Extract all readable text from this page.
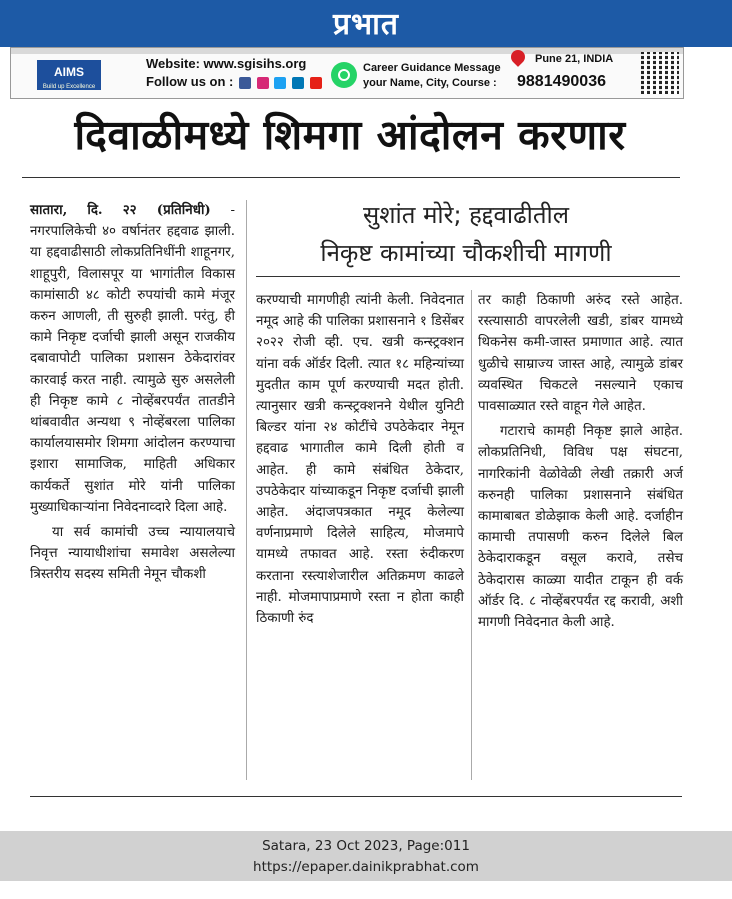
प्रभात
AIMS
Build up Excellence
Website: www.sgisihs.org
Follow us on :
Career Guidance Message
your Name, City, Course :
Pune 21, INDIA
9881490036
दिवाळीमध्ये शिमगा आंदोलन करणार
सुशांत मोरे; हद्दवाढीतील
निकृष्ट कामांच्या चौकशीची मागणी

सातारा, दि. २२ (प्रतिनिधी) - नगरपालिकेची ४० वर्षानंतर हद्दवाढ झाली. या हद्दवाढीसाठी लोकप्रतिनिधींनी शाहूनगर, शाहूपुरी, विलासपूर या भागांतील विकास कामांसाठी ४८ कोटी रुपयांची कामे मंजूर करुन आणली, ती सुरुही झाली. परंतु, ही कामे निकृष्ट दर्जाची झाली असून राजकीय दबावापोटी पालिका प्रशासन ठेकेदारांवर कारवाई करत नाही. त्यामुळे सुरु असलेली ही निकृष्ट कामे ८ नोव्हेंबरपर्यंत तातडीने थांबवावीत अन्यथा ९ नोव्हेंबरला पालिका कार्यालयासमोर शिमगा आंदोलन करण्याचा इशारा सामाजिक, माहिती अधिकार कार्यकर्ते सुशांत मोरे यांनी पालिका मुख्याधिकाऱ्यांना निवेदनाव्दारे दिला आहे.

या सर्व कामांची उच्च न्यायालयाचे निवृत्त न्यायाधीशांचा समावेश असलेल्या त्रिस्तरीय सदस्य समिती नेमून चौकशी

करण्याची मागणीही त्यांनी केली. निवेदनात नमूद आहे की पालिका प्रशासनाने १ डिसेंबर २०२२ रोजी व्ही. एच. खत्री कन्स्ट्रक्शन यांना वर्क ऑर्डर दिली. त्यात १८ महिन्यांच्या मुदतीत काम पूर्ण करण्याची मदत होती. त्यानुसार खत्री कन्स्ट्रक्शनने येथील युनिटी बिल्डर यांना २४ कोटींचे उपठेकेदार नेमून हद्दवाढ भागातील कामे दिली होती व आहेत. ही कामे संबंधित ठेकेदार, उपठेकेदार यांच्याकडून निकृष्ट दर्जाची झाली आहेत. अंदाजपत्रकात नमूद केलेल्या वर्णनाप्रमाणे दिलेले साहित्य, मोजमापे यामध्ये तफावत आहे. रस्ता रुंदीकरण करताना रस्त्याशेजारील अतिक्रमण काढले नाही. मोजमापाप्रमाणे रस्ता न होता काही ठिकाणी रुंद

तर काही ठिकाणी अरुंद रस्ते आहेत. रस्त्यासाठी वापरलेली खडी, डांबर यामध्ये थिकनेस कमी-जास्त प्रमाणात आहे. त्यात धुळीचे साम्राज्य जास्त आहे, त्यामुळे डांबर व्यवस्थित चिकटले नसल्याने एकाच पावसाळ्यात रस्ते वाहून गेले आहेत.

गटाराचे कामही निकृष्ट झाले आहेत. लोकप्रतिनिधी, विविध पक्ष संघटना, नागरिकांनी वेळोवेळी लेखी तक्रारी अर्ज करुनही पालिका प्रशासनाने संबंधित कामाबाबत डोळेझाक केली आहे. दर्जाहीन कामाची तपासणी करुन दिलेले बिल ठेकेदाराकडून वसूल करावे, तसेच ठेकेदारास काळ्या यादीत टाकून ही वर्क ऑर्डर दि. ८ नोव्हेंबरपर्यंत रद्द करावी, अशी मागणी निवेदनात केली आहे.

Satara, 23 Oct 2023, Page:011
https://epaper.dainikprabhat.com
